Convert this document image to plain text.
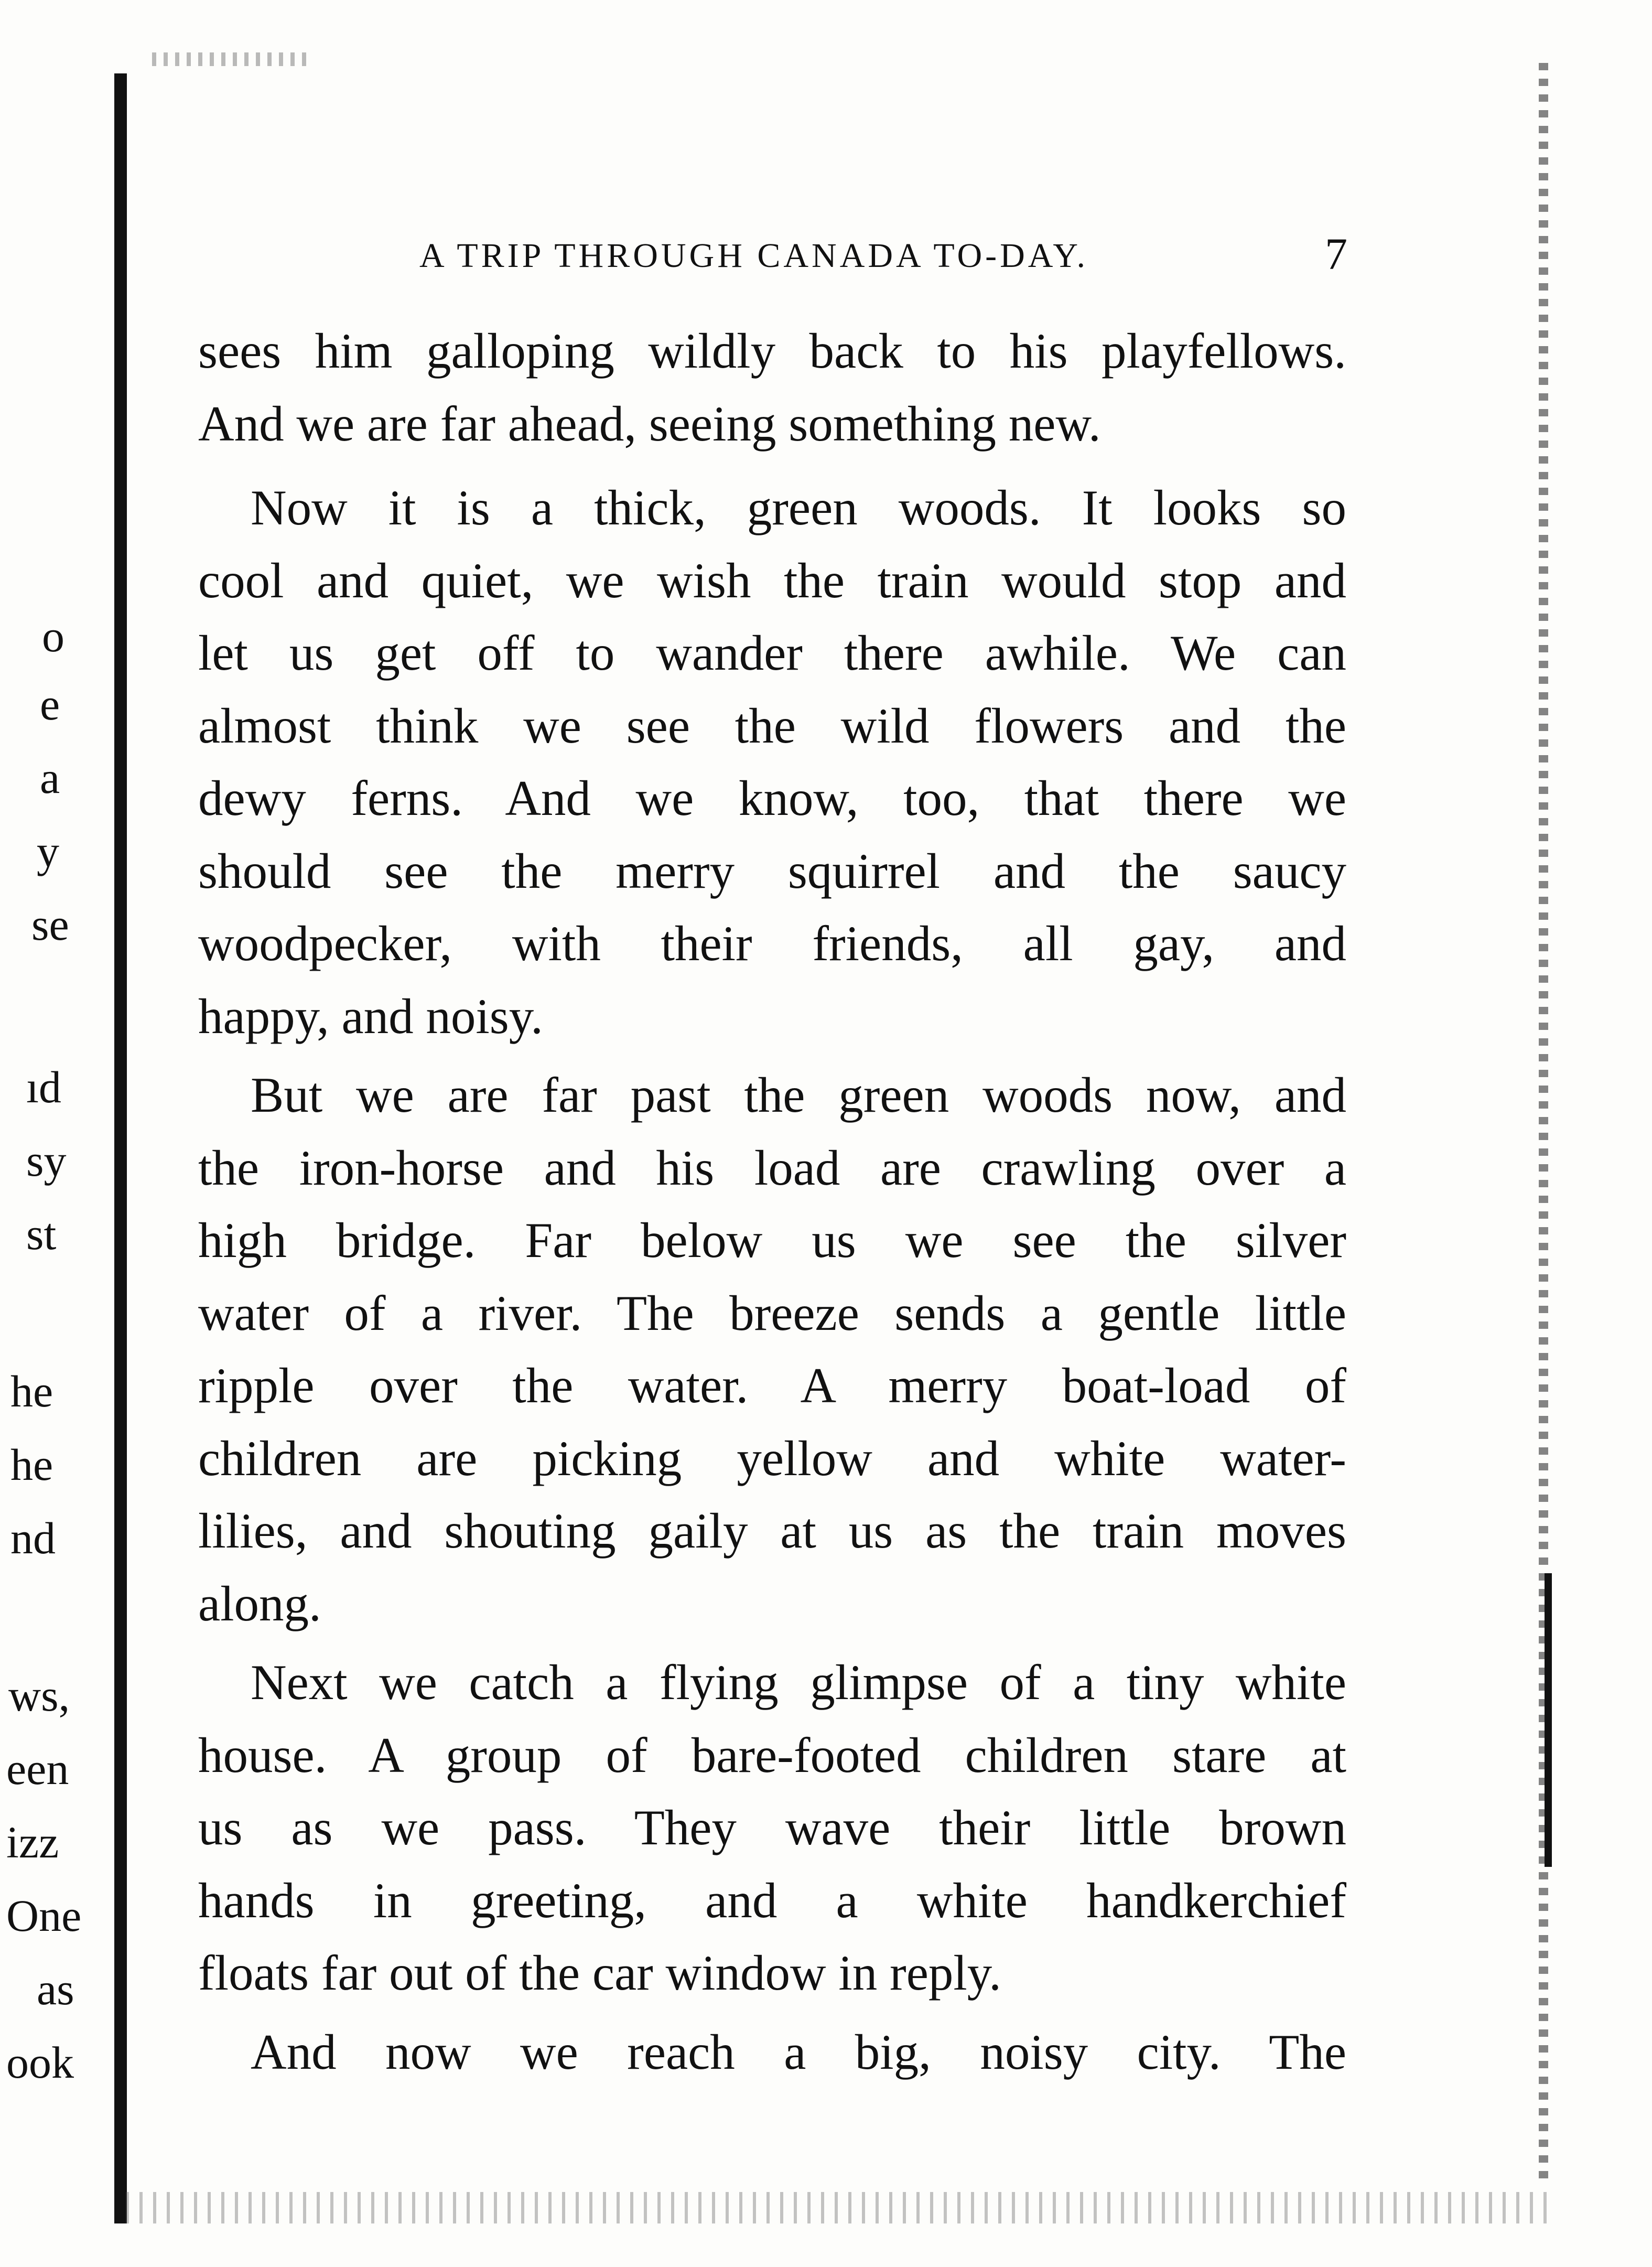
o
e
a
y
se
ıd
sy
st
he
he
nd
ws,
een
izz
One
as
ook
A TRIP THROUGH CANADA TO-DAY.	7
sees him galloping wildly back to his playfellows.
And we are far ahead, seeing something new.
Now it is a thick, green woods. It looks so
cool and quiet, we wish the train would stop and
let us get off to wander there awhile. We can
almost think we see the wild flowers and the
dewy ferns. And we know, too, that there we
should see the merry squirrel and the saucy
woodpecker, with their friends, all gay, and
happy, and noisy.
But we are far past the green woods now, and
the iron-horse and his load are crawling over a
high bridge. Far below us we see the silver
water of a river. The breeze sends a gentle little
ripple over the water. A merry boat-load of
children are picking yellow and white water-
lilies, and shouting gaily at us as the train moves
along.
Next we catch a flying glimpse of a tiny white
house. A group of bare-footed children stare at
us as we pass. They wave their little brown
hands in greeting, and a white handkerchief
floats far out of the car window in reply.
And now we reach a big, noisy city. The
